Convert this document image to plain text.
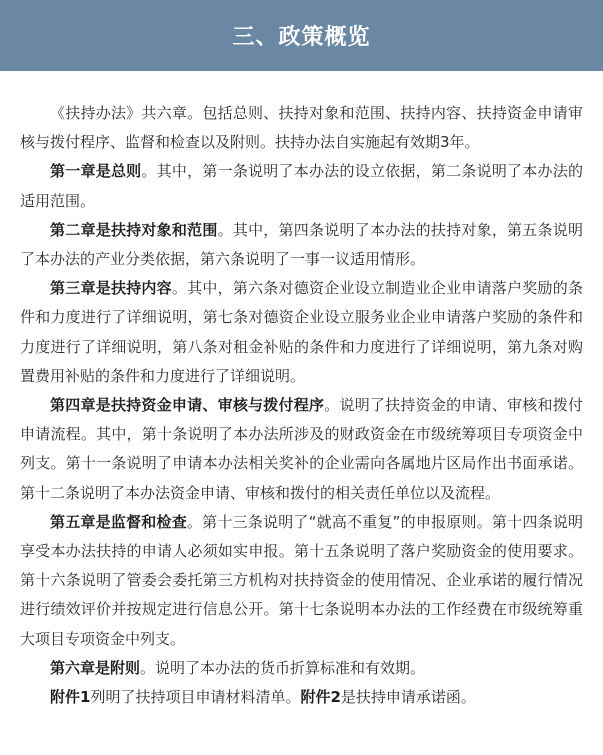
三、政策概览

《扶持办法》共六章。包括总则、扶持对象和范围、扶持内容、扶持资金申请审核与拨付程序、监督和检查以及附则。扶持办法自实施起有效期3年。

第一章是总则。其中，第一条说明了本办法的设立依据，第二条说明了本办法的适用范围。

第二章是扶持对象和范围。其中，第四条说明了本办法的扶持对象，第五条说明了本办法的产业分类依据，第六条说明了一事一议适用情形。

第三章是扶持内容。其中，第六条对德资企业设立制造业企业申请落户奖励的条件和力度进行了详细说明，第七条对德资企业设立服务业企业申请落户奖励的条件和力度进行了详细说明，第八条对租金补贴的条件和力度进行了详细说明，第九条对购置费用补贴的条件和力度进行了详细说明。

第四章是扶持资金申请、审核与拨付程序。说明了扶持资金的申请、审核和拨付申请流程。其中，第十条说明了本办法所涉及的财政资金在市级统筹项目专项资金中列支。第十一条说明了申请本办法相关奖补的企业需向各属地片区局作出书面承诺。第十二条说明了本办法资金申请、审核和拨付的相关责任单位以及流程。

第五章是监督和检查。第十三条说明了“就高不重复”的申报原则。第十四条说明享受本办法扶持的申请人必须如实申报。第十五条说明了落户奖励资金的使用要求。第十六条说明了管委会委托第三方机构对扶持资金的使用情况、企业承诺的履行情况进行绩效评价并按规定进行信息公开。第十七条说明本办法的工作经费在市级统筹重大项目专项资金中列支。

第六章是附则。说明了本办法的货币折算标准和有效期。

附件1列明了扶持项目申请材料清单。附件2是扶持申请承诺函。
